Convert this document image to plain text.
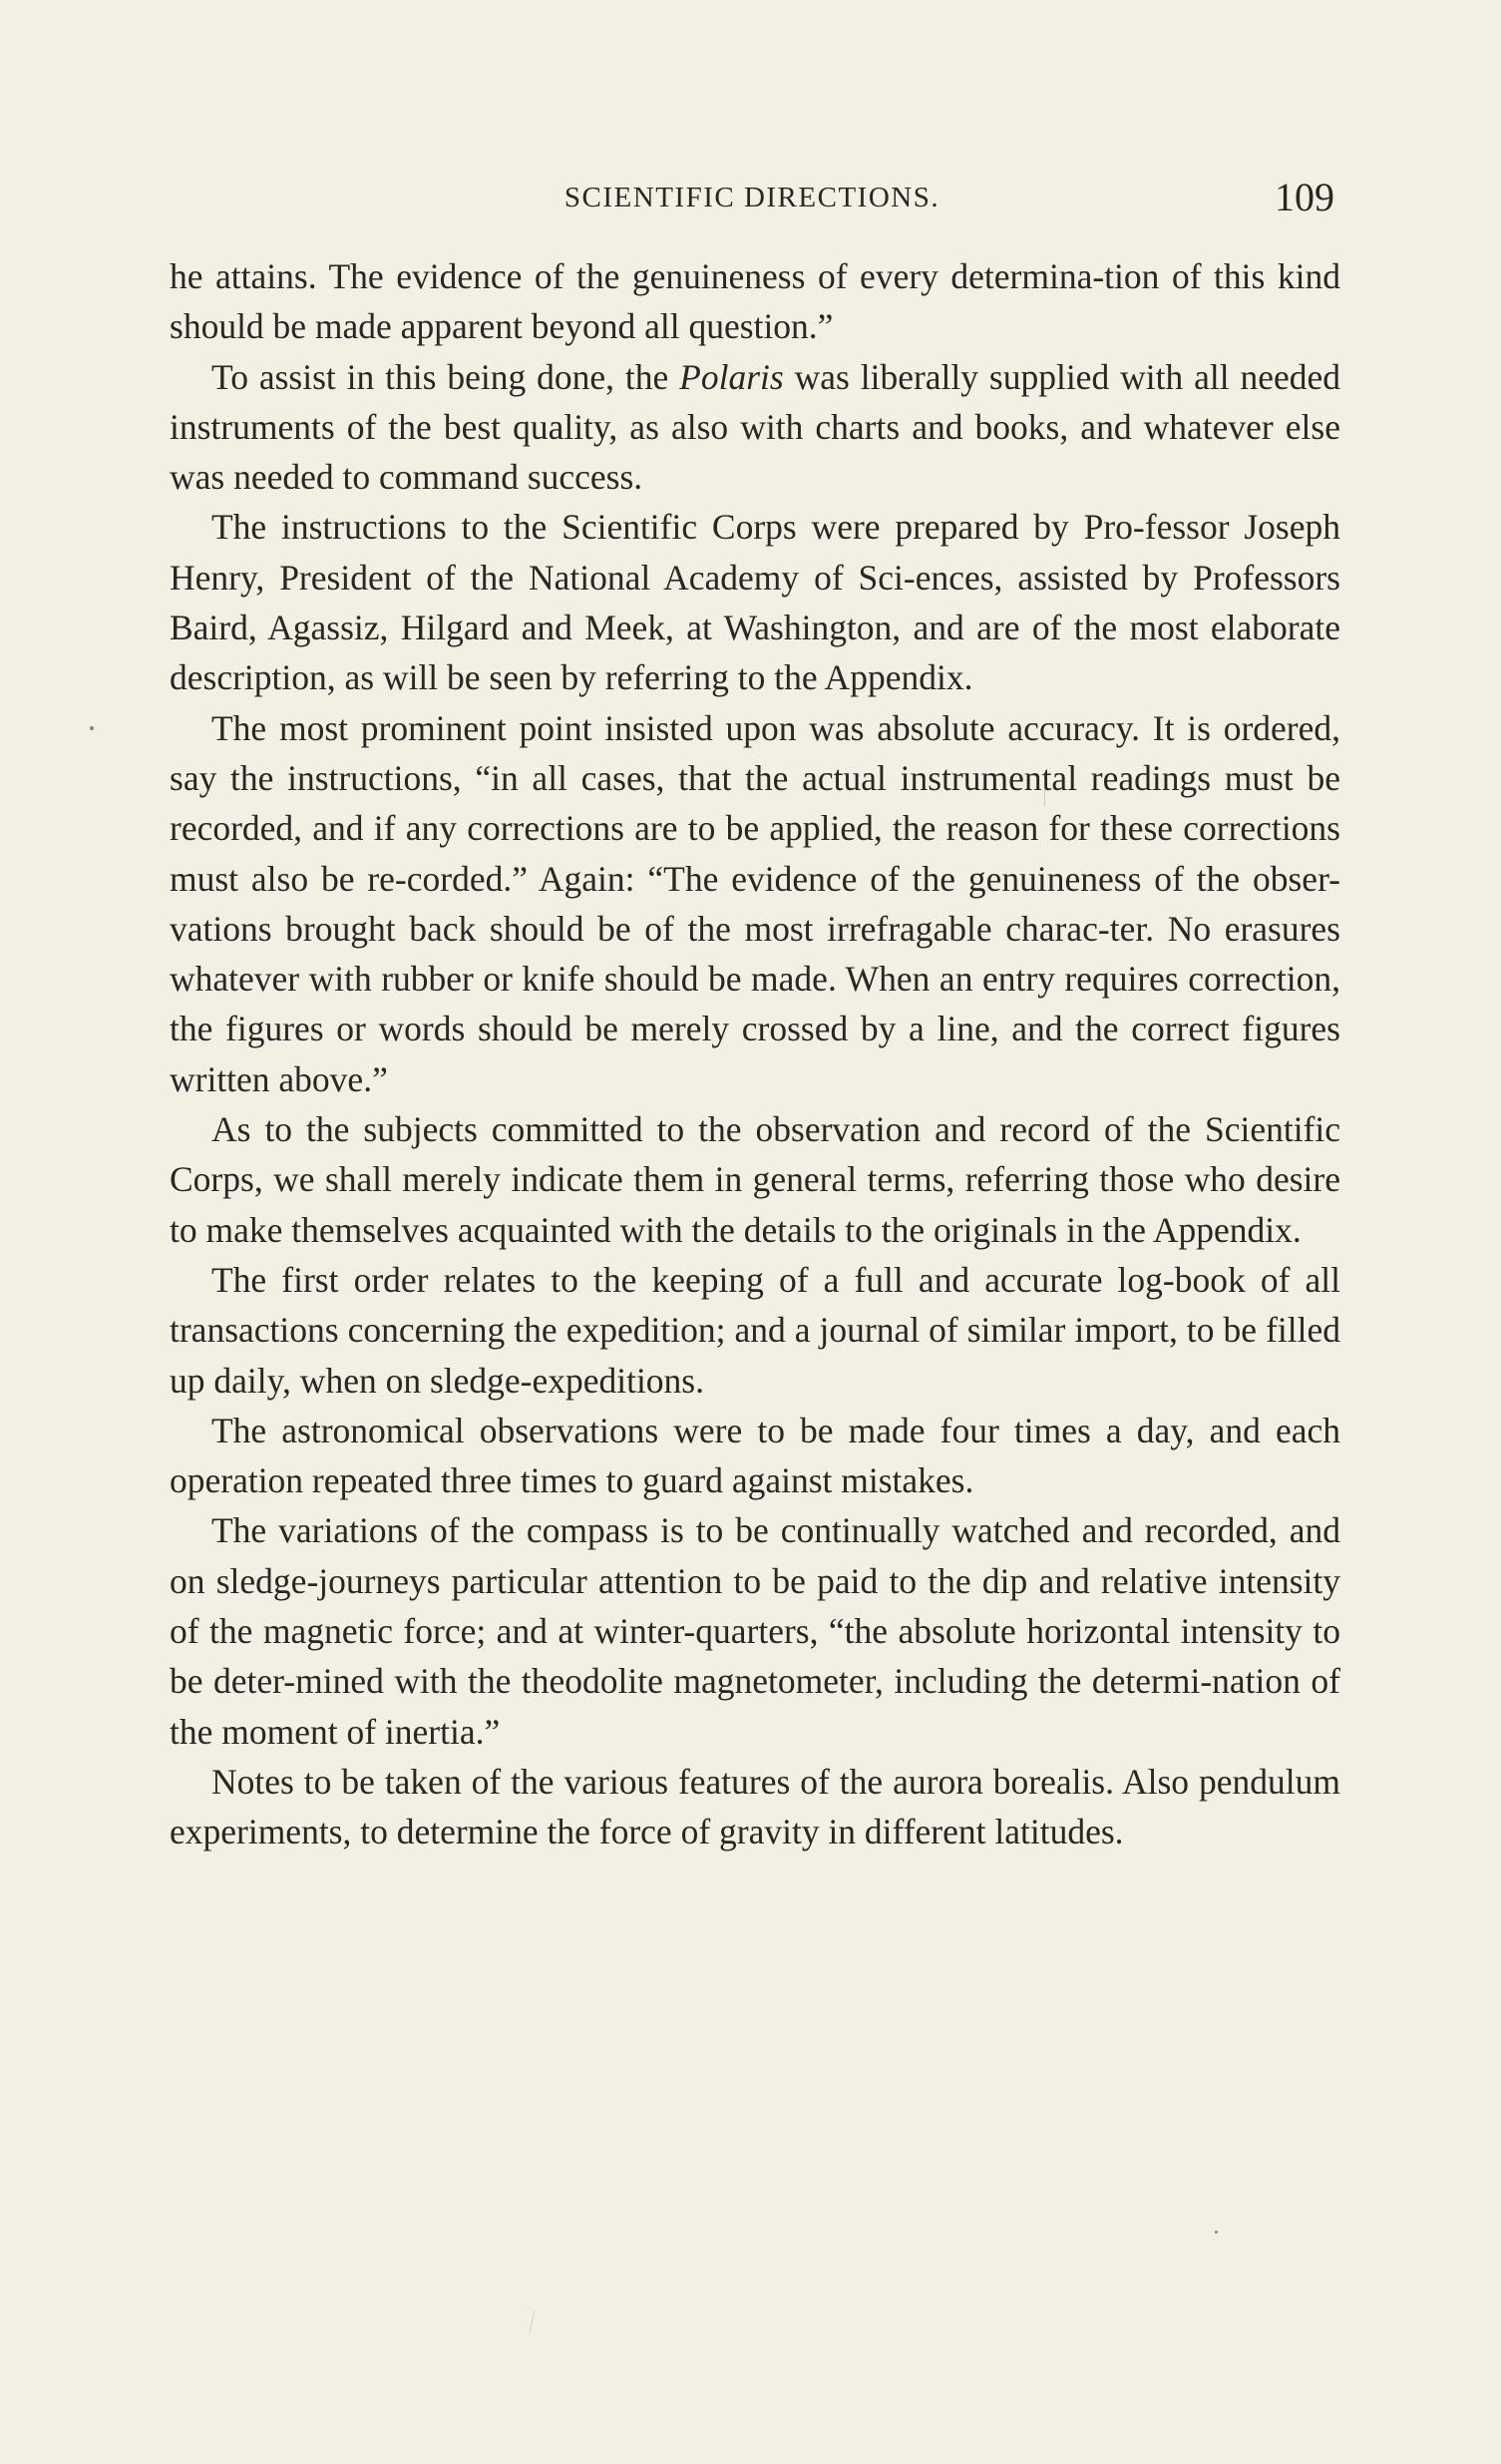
SCIENTIFIC DIRECTIONS.	109

he attains. The evidence of the genuineness of every determina-tion of this kind should be made apparent beyond all question.”

To assist in this being done, the Polaris was liberally supplied with all needed instruments of the best quality, as also with charts and books, and whatever else was needed to command success.

The instructions to the Scientific Corps were prepared by Pro-fessor Joseph Henry, President of the National Academy of Sci-ences, assisted by Professors Baird, Agassiz, Hilgard and Meek, at Washington, and are of the most elaborate description, as will be seen by referring to the Appendix.

The most prominent point insisted upon was absolute accuracy. It is ordered, say the instructions, “in all cases, that the actual instrumental readings must be recorded, and if any corrections are to be applied, the reason for these corrections must also be re-corded.” Again: “The evidence of the genuineness of the obser-vations brought back should be of the most irrefragable charac-ter. No erasures whatever with rubber or knife should be made. When an entry requires correction, the figures or words should be merely crossed by a line, and the correct figures written above.”

As to the subjects committed to the observation and record of the Scientific Corps, we shall merely indicate them in general terms, referring those who desire to make themselves acquainted with the details to the originals in the Appendix.

The first order relates to the keeping of a full and accurate log-book of all transactions concerning the expedition; and a journal of similar import, to be filled up daily, when on sledge-expeditions.

The astronomical observations were to be made four times a day, and each operation repeated three times to guard against mistakes.

The variations of the compass is to be continually watched and recorded, and on sledge-journeys particular attention to be paid to the dip and relative intensity of the magnetic force; and at winter-quarters, “the absolute horizontal intensity to be deter-mined with the theodolite magnetometer, including the determi-nation of the moment of inertia.”

Notes to be taken of the various features of the aurora borealis. Also pendulum experiments, to determine the force of gravity in different latitudes.
